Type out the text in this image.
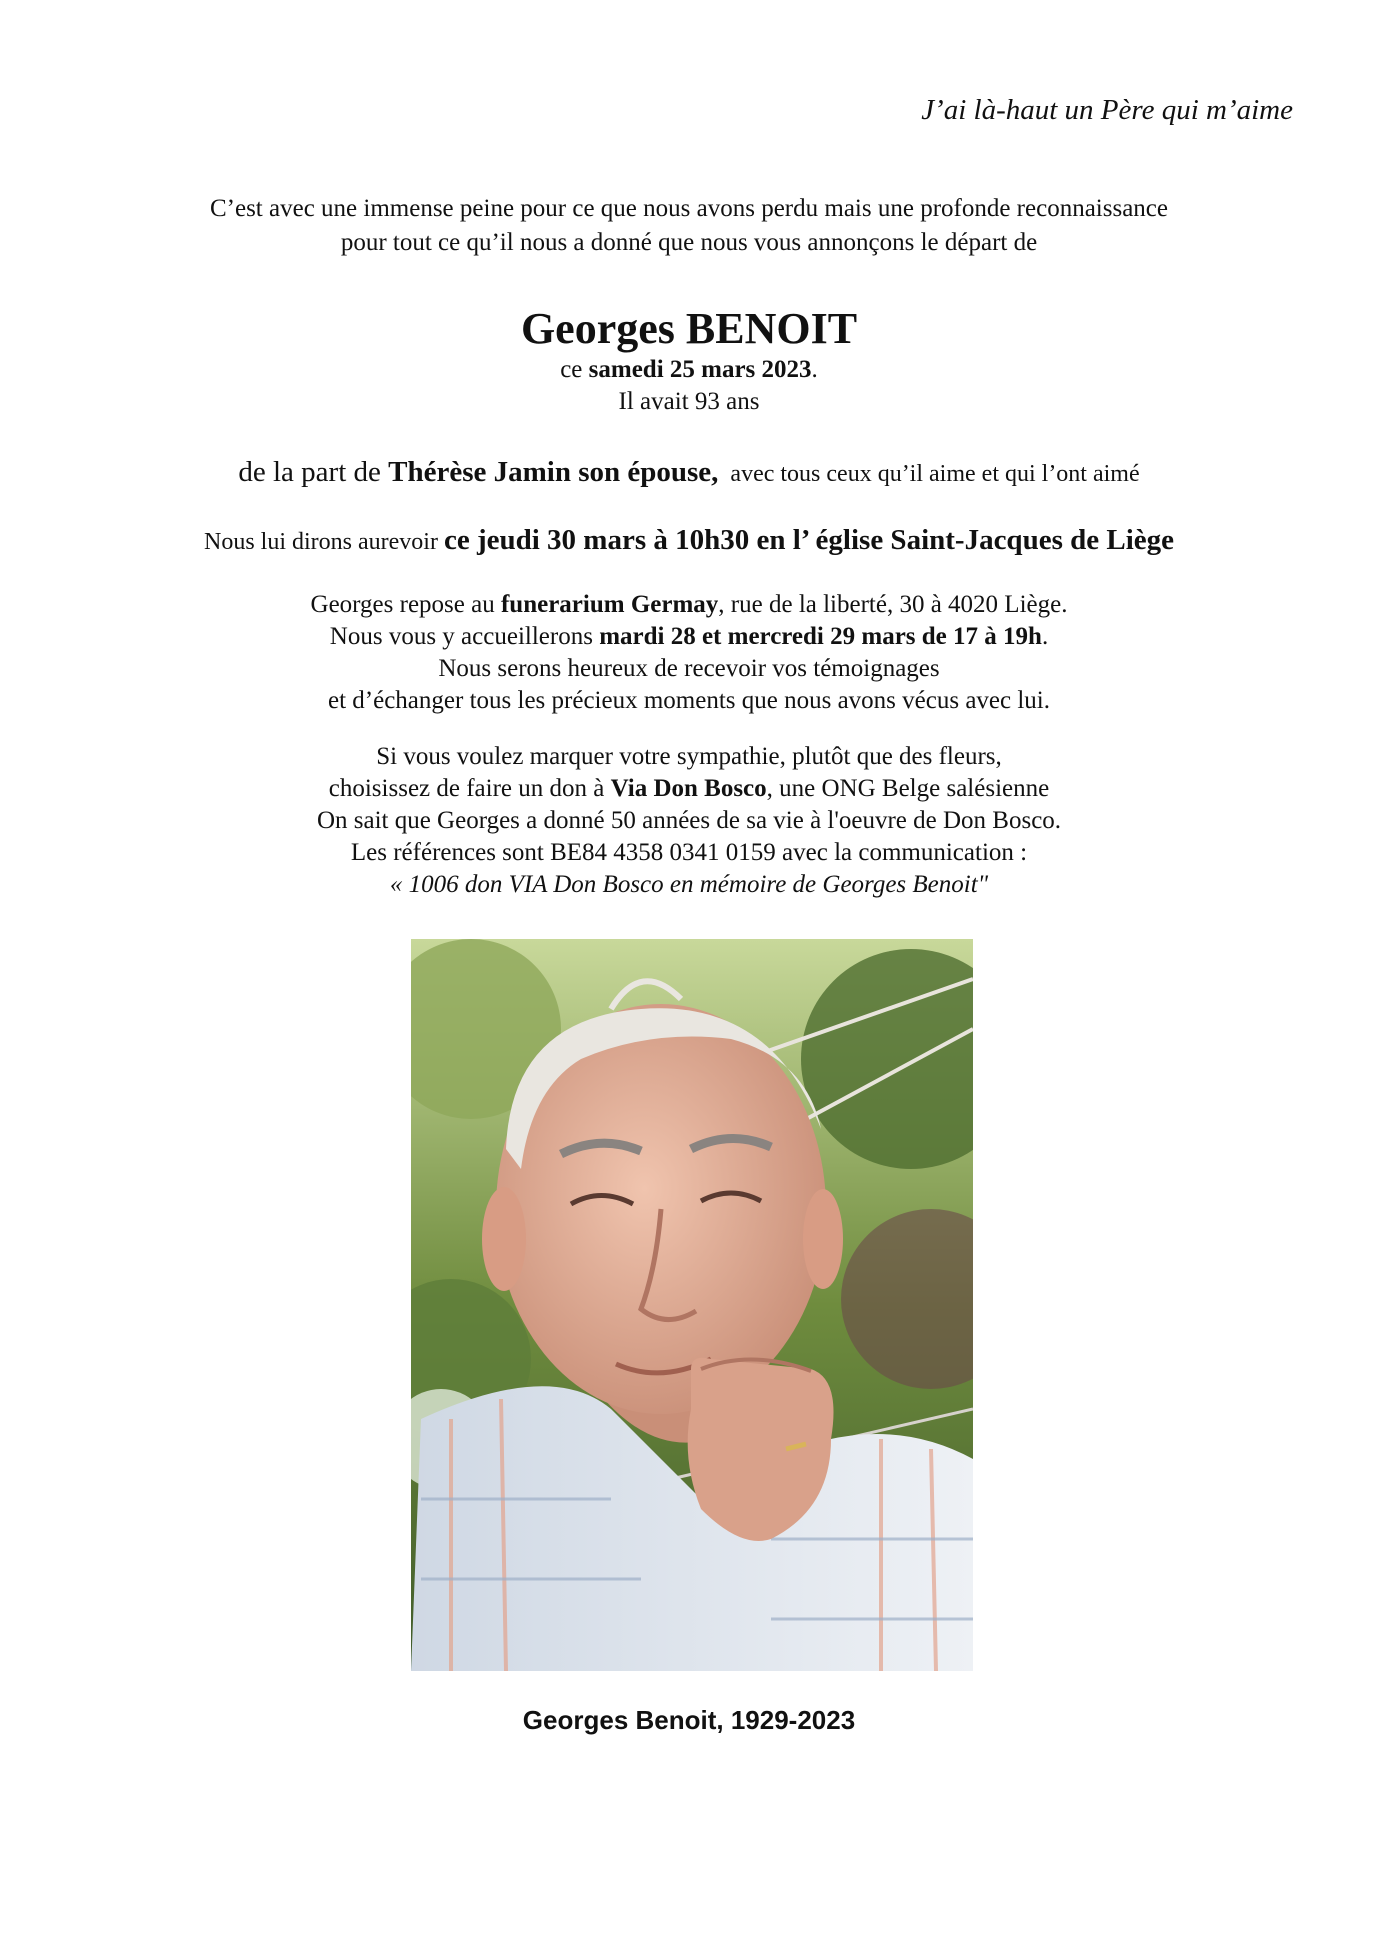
J’ai là-haut un Père qui m’aime
C’est avec une immense peine pour ce que nous avons perdu mais une profonde reconnaissance
pour tout ce qu’il nous a donné que nous vous annonçons le départ de
Georges BENOIT
ce samedi 25 mars 2023.
Il avait 93 ans
de la part de Thérèse Jamin son épouse,  avec tous ceux qu’il aime et qui l’ont aimé
Nous lui dirons aurevoir ce jeudi 30 mars à 10h30 en l’ église Saint-Jacques de Liège
Georges repose au funerarium Germay, rue de la liberté, 30 à 4020 Liège.
Nous vous y accueillerons mardi 28 et mercredi 29 mars de 17 à 19h.
Nous serons heureux de recevoir vos témoignages
et d’échanger tous les précieux moments que nous avons vécus avec lui.
Si vous voulez marquer votre sympathie, plutôt que des fleurs,
choisissez de faire un don à Via Don Bosco, une ONG Belge salésienne
On sait que Georges a donné 50 années de sa vie à l'oeuvre de Don Bosco.
Les références sont BE84 4358 0341 0159 avec la communication :
« 1006 don VIA Don Bosco en mémoire de Georges Benoit"
Georges Benoit, 1929-2023
